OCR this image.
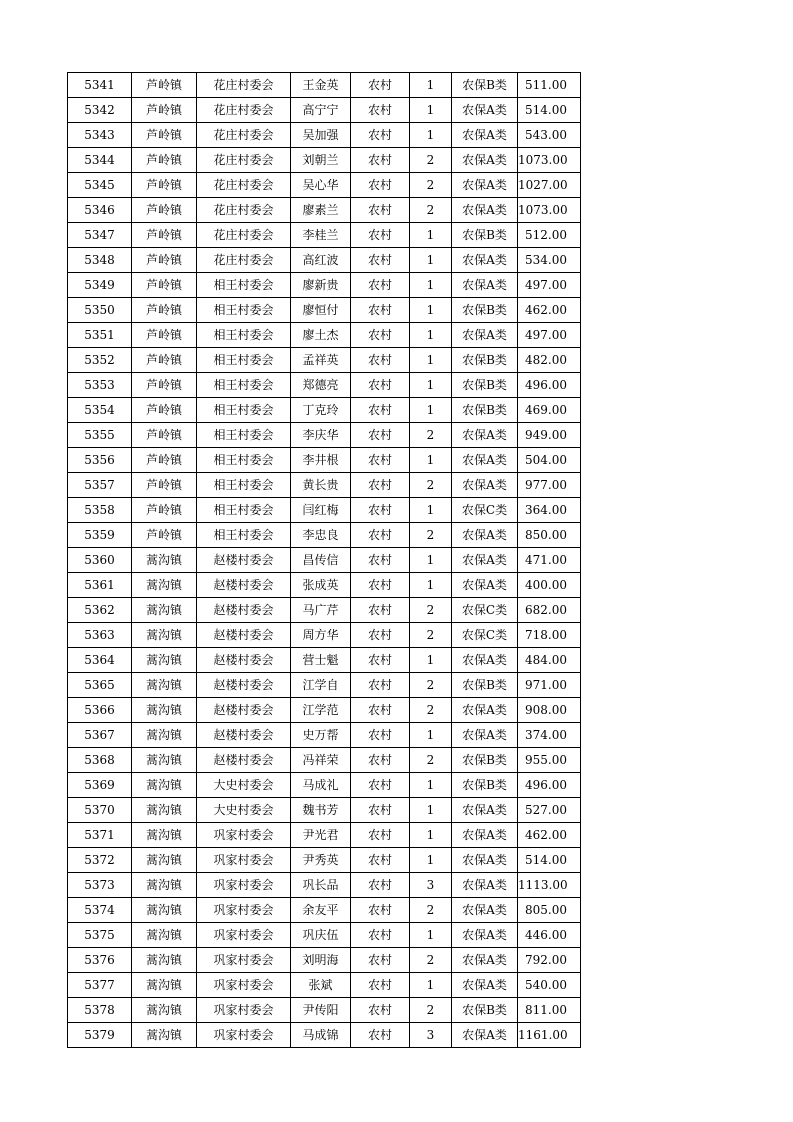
5341	芦岭镇	花庄村委会	王金英	农村	1	农保B类	511.00
5342	芦岭镇	花庄村委会	高宁宁	农村	1	农保A类	514.00
5343	芦岭镇	花庄村委会	吴加强	农村	1	农保A类	543.00
5344	芦岭镇	花庄村委会	刘朝兰	农村	2	农保A类	1073.00
5345	芦岭镇	花庄村委会	吴心华	农村	2	农保A类	1027.00
5346	芦岭镇	花庄村委会	廖素兰	农村	2	农保A类	1073.00
5347	芦岭镇	花庄村委会	李桂兰	农村	1	农保B类	512.00
5348	芦岭镇	花庄村委会	高红波	农村	1	农保A类	534.00
5349	芦岭镇	相王村委会	廖新贵	农村	1	农保A类	497.00
5350	芦岭镇	相王村委会	廖恒付	农村	1	农保B类	462.00
5351	芦岭镇	相王村委会	廖土杰	农村	1	农保A类	497.00
5352	芦岭镇	相王村委会	孟祥英	农村	1	农保B类	482.00
5353	芦岭镇	相王村委会	郑德亮	农村	1	农保B类	496.00
5354	芦岭镇	相王村委会	丁克玲	农村	1	农保B类	469.00
5355	芦岭镇	相王村委会	李庆华	农村	2	农保A类	949.00
5356	芦岭镇	相王村委会	李井根	农村	1	农保A类	504.00
5357	芦岭镇	相王村委会	黄长贵	农村	2	农保A类	977.00
5358	芦岭镇	相王村委会	闫红梅	农村	1	农保C类	364.00
5359	芦岭镇	相王村委会	李忠良	农村	2	农保A类	850.00
5360	蒿沟镇	赵楼村委会	昌传信	农村	1	农保A类	471.00
5361	蒿沟镇	赵楼村委会	张成英	农村	1	农保A类	400.00
5362	蒿沟镇	赵楼村委会	马广芹	农村	2	农保C类	682.00
5363	蒿沟镇	赵楼村委会	周方华	农村	2	农保C类	718.00
5364	蒿沟镇	赵楼村委会	营士魁	农村	1	农保A类	484.00
5365	蒿沟镇	赵楼村委会	江学自	农村	2	农保B类	971.00
5366	蒿沟镇	赵楼村委会	江学范	农村	2	农保A类	908.00
5367	蒿沟镇	赵楼村委会	史万帮	农村	1	农保A类	374.00
5368	蒿沟镇	赵楼村委会	冯祥荣	农村	2	农保B类	955.00
5369	蒿沟镇	大史村委会	马成礼	农村	1	农保B类	496.00
5370	蒿沟镇	大史村委会	魏书芳	农村	1	农保A类	527.00
5371	蒿沟镇	巩家村委会	尹光君	农村	1	农保A类	462.00
5372	蒿沟镇	巩家村委会	尹秀英	农村	1	农保A类	514.00
5373	蒿沟镇	巩家村委会	巩长品	农村	3	农保A类	1113.00
5374	蒿沟镇	巩家村委会	余友平	农村	2	农保A类	805.00
5375	蒿沟镇	巩家村委会	巩庆伍	农村	1	农保A类	446.00
5376	蒿沟镇	巩家村委会	刘明海	农村	2	农保A类	792.00
5377	蒿沟镇	巩家村委会	张斌	农村	1	农保A类	540.00
5378	蒿沟镇	巩家村委会	尹传阳	农村	2	农保B类	811.00
5379	蒿沟镇	巩家村委会	马成锦	农村	3	农保A类	1161.00
